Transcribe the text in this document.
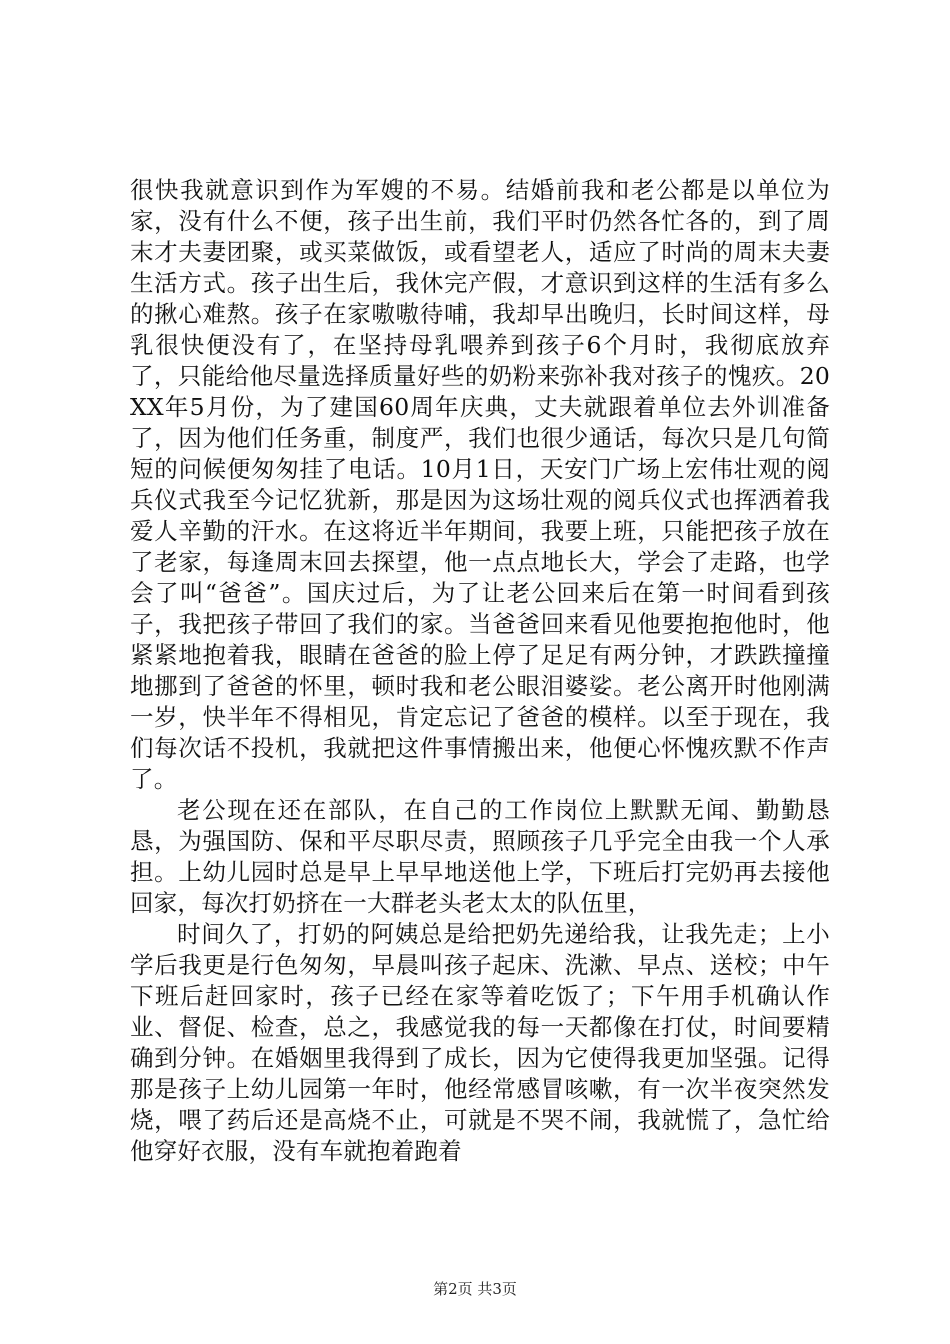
很快我就意识到作为军嫂的不易。结婚前我和老公都是以单位为家，没有什么不便，孩子出生前，我们平时仍然各忙各的，到了周末才夫妻团聚，或买菜做饭，或看望老人，适应了时尚的周末夫妻生活方式。孩子出生后，我休完产假，才意识到这样的生活有多么的揪心难熬。孩子在家嗷嗷待哺，我却早出晚归，长时间这样，母乳很快便没有了，在坚持母乳喂养到孩子6个月时，我彻底放弃了，只能给他尽量选择质量好些的奶粉来弥补我对孩子的愧疚。20XX年5月份，为了建国60周年庆典，丈夫就跟着单位去外训准备了，因为他们任务重，制度严，我们也很少通话，每次只是几句简短的问候便匆匆挂了电话。10月1日，天安门广场上宏伟壮观的阅兵仪式我至今记忆犹新，那是因为这场壮观的阅兵仪式也挥洒着我爱人辛勤的汗水。在这将近半年期间，我要上班，只能把孩子放在了老家，每逢周末回去探望，他一点点地长大，学会了走路，也学会了叫“爸爸”。国庆过后，为了让老公回来后在第一时间看到孩子，我把孩子带回了我们的家。当爸爸回来看见他要抱抱他时，他紧紧地抱着我，眼睛在爸爸的脸上停了足足有两分钟，才跌跌撞撞地挪到了爸爸的怀里，顿时我和老公眼泪婆娑。老公离开时他刚满一岁，快半年不得相见，肯定忘记了爸爸的模样。以至于现在，我们每次话不投机，我就把这件事情搬出来，他便心怀愧疚默不作声了。

老公现在还在部队，在自己的工作岗位上默默无闻、勤勤恳恳，为强国防、保和平尽职尽责，照顾孩子几乎完全由我一个人承担。上幼儿园时总是早上早早地送他上学，下班后打完奶再去接他回家，每次打奶挤在一大群老头老太太的队伍里，

时间久了，打奶的阿姨总是给把奶先递给我，让我先走；上小学后我更是行色匆匆，早晨叫孩子起床、洗漱、早点、送校；中午下班后赶回家时，孩子已经在家等着吃饭了；下午用手机确认作业、督促、检查，总之，我感觉我的每一天都像在打仗，时间要精确到分钟。在婚姻里我得到了成长，因为它使得我更加坚强。记得那是孩子上幼儿园第一年时，他经常感冒咳嗽，有一次半夜突然发烧，喂了药后还是高烧不止，可就是不哭不闹，我就慌了，急忙给他穿好衣服，没有车就抱着跑着

第2页 共3页
